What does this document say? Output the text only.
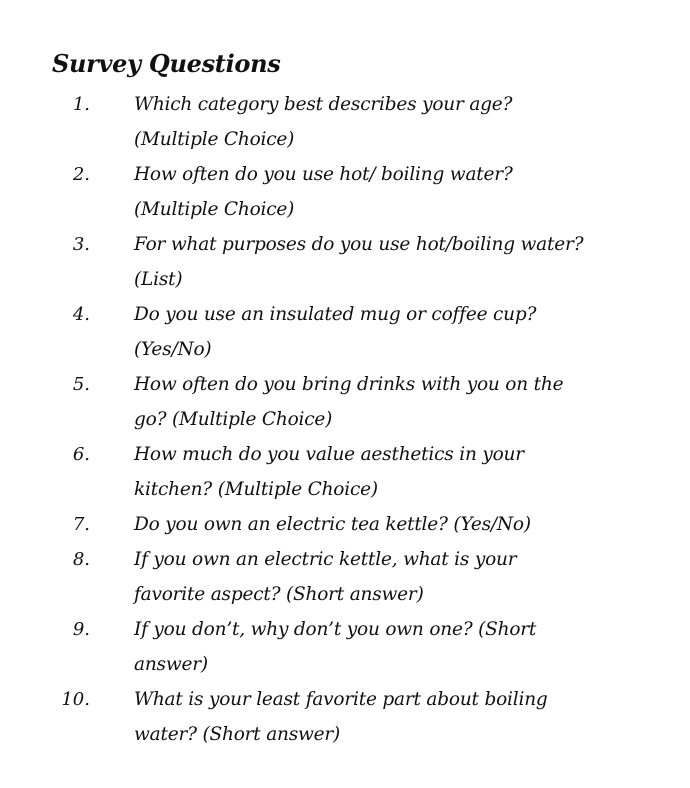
Survey Questions
1. Which category best describes your age? (Multiple Choice)
2. How often do you use hot/ boiling water? (Multiple Choice)
3. For what purposes do you use hot/boiling water? (List)
4. Do you use an insulated mug or coffee cup? (Yes/No)
5. How often do you bring drinks with you on the go? (Multiple Choice)
6. How much do you value aesthetics in your kitchen? (Multiple Choice)
7. Do you own an electric tea kettle? (Yes/No)
8. If you own an electric kettle, what is your favorite aspect? (Short answer)
9. If you don’t, why don’t you own one? (Short answer)
10. What is your least favorite part about boiling water? (Short answer)
